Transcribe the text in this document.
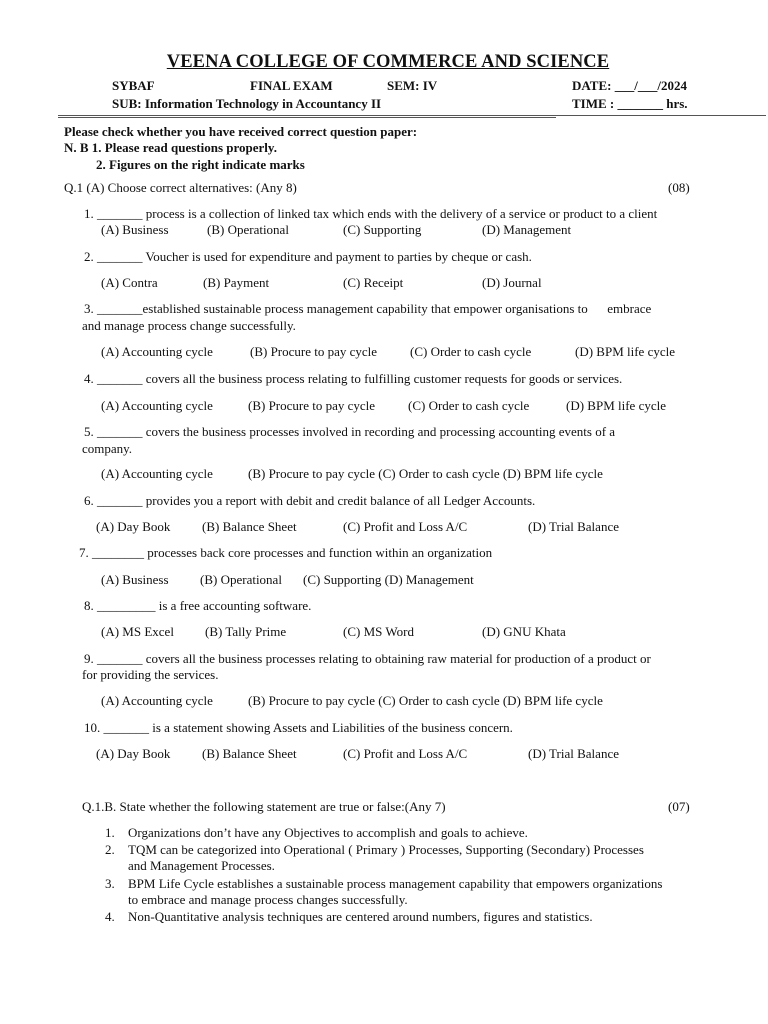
VEENA COLLEGE OF COMMERCE AND SCIENCE
SYBAF	FINAL EXAM	SEM: IV	DATE: ___/___/2024
SUB: Information Technology in Accountancy II	TIME : _______ hrs.
Please check whether you have received correct question paper:
N. B 1. Please read questions properly.
2. Figures on the right indicate marks
Q.1 (A) Choose correct alternatives: (Any 8)	(08)
1. _______ process is a collection of linked tax which ends with the delivery of a service or product to a client
(A) Business	(B) Operational	(C) Supporting	(D) Management
2. _______ Voucher is used for expenditure and payment to parties by cheque or cash.
(A) Contra	(B) Payment	(C) Receipt	(D) Journal
3. _______established sustainable process management capability that empower organisations to      embrace
and manage process change successfully.
(A) Accounting cycle	(B) Procure to pay cycle	(C) Order to cash cycle	(D) BPM life cycle
4. _______ covers all the business process relating to fulfilling customer requests for goods or services.
(A) Accounting cycle	(B) Procure to pay cycle	(C) Order to cash cycle	(D) BPM life cycle
5. _______ covers the business processes involved in recording and processing accounting events of a
company.
(A) Accounting cycle	(B) Procure to pay cycle (C) Order to cash cycle (D) BPM life cycle
6. _______ provides you a report with debit and credit balance of all Ledger Accounts.
(A) Day Book (B) Balance Sheet	(C) Profit and Loss A/C	(D) Trial Balance
7. ________ processes back core processes and function within an organization
(A) Business (B) Operational (C) Supporting (D) Management
8. _________ is a free accounting software.
(A) MS Excel (B) Tally Prime	(C) MS Word	(D) GNU Khata
9. _______ covers all the business processes relating to obtaining raw material for production of a product or
for providing the services.
(A) Accounting cycle	(B) Procure to pay cycle (C) Order to cash cycle (D) BPM life cycle
10. _______ is a statement showing Assets and Liabilities of the business concern.
(A) Day Book (B) Balance Sheet	(C) Profit and Loss A/C	(D) Trial Balance
Q.1.B. State whether the following statement are true or false:(Any 7)	(07)
1. Organizations don’t have any Objectives to accomplish and goals to achieve.
2. TQM can be categorized into Operational ( Primary ) Processes, Supporting (Secondary) Processes
and Management Processes.
3. BPM Life Cycle establishes a sustainable process management capability that empowers organizations
to embrace and manage process changes successfully.
4. Non-Quantitative analysis techniques are centered around numbers, figures and statistics.
